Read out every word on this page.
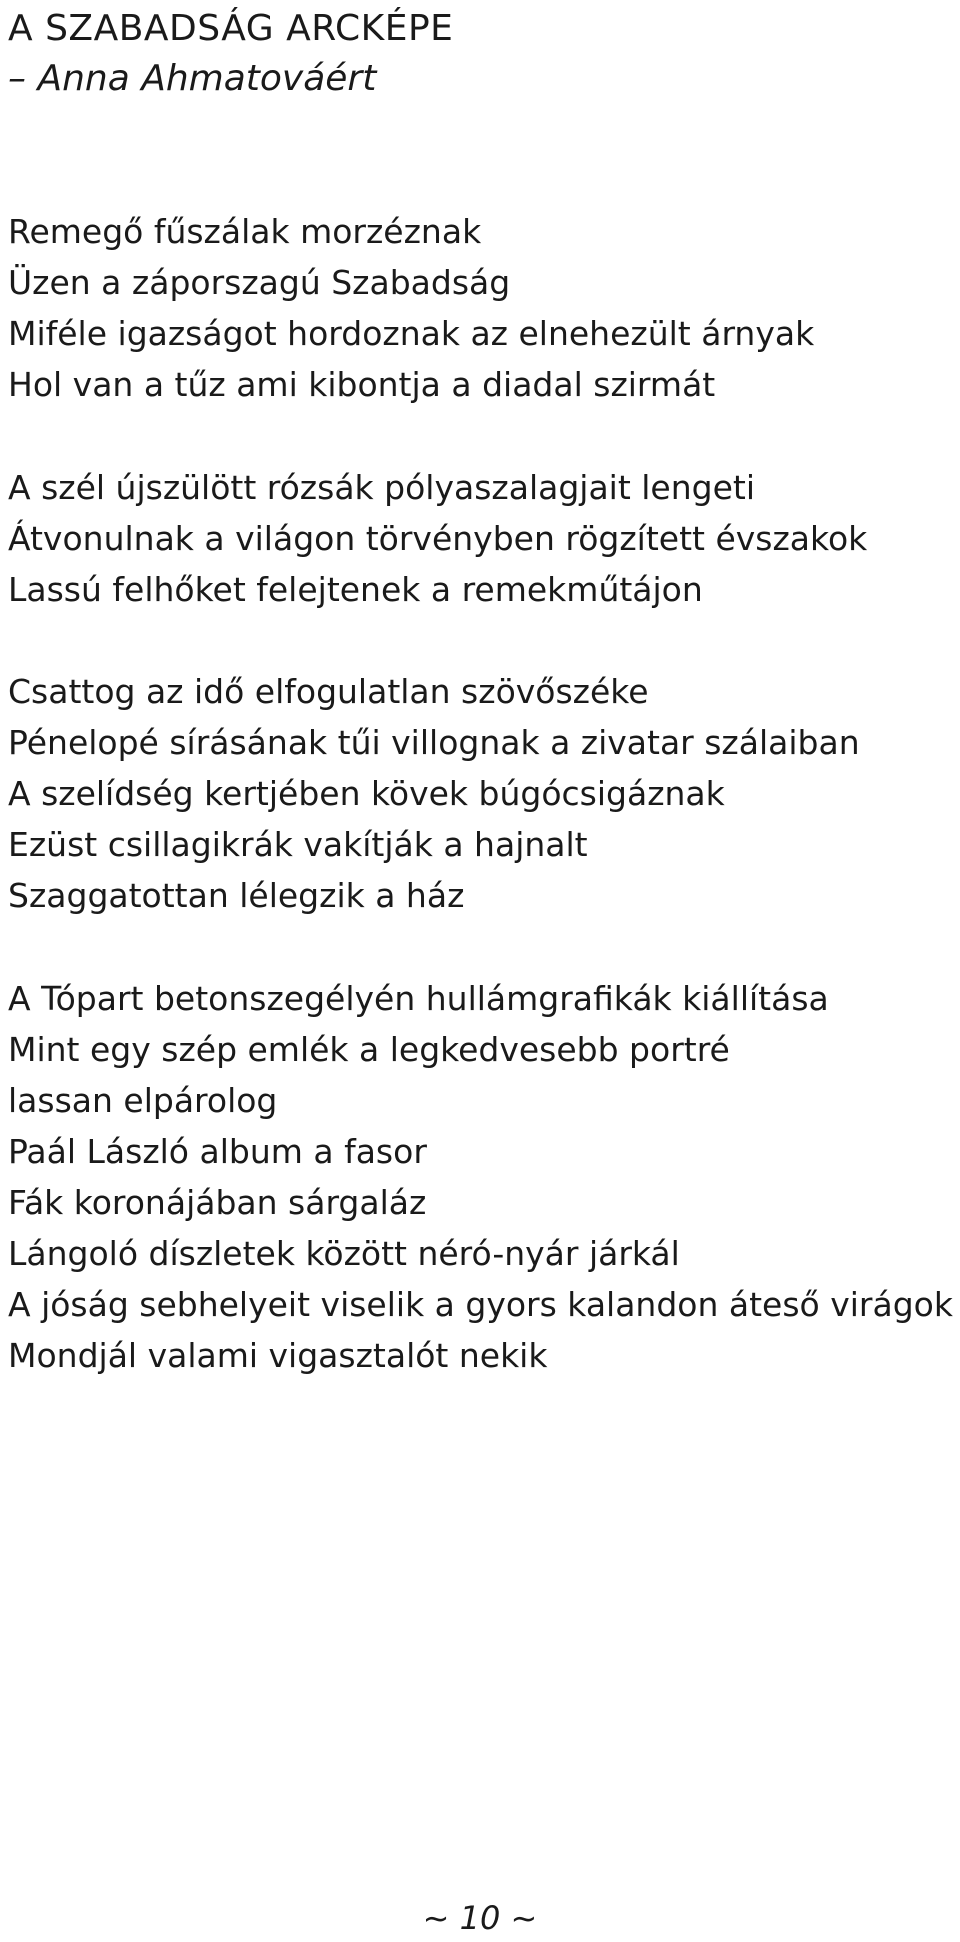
A SZABADSÁG ARCKÉPE

– Anna Ahmatováért

Remegő fűszálak morzéznak
Üzen a záporszagú Szabadság
Miféle igazságot hordoznak az elnehezült árnyak
Hol van a tűz ami kibontja a diadal szirmát
A szél újszülött rózsák pólyaszalagjait lengeti
Átvonulnak a világon törvényben rögzített évszakok
Lassú felhőket felejtenek a remekműtájon
Csattog az idő elfogulatlan szövőszéke
Pénelopé sírásának tűi villognak a zivatar szálaiban
A szelídség kertjében kövek búgócsigáznak
Ezüst csillagikrák vakítják a hajnalt
Szaggatottan lélegzik a ház
A Tópart betonszegélyén hullámgrafikák kiállítása
Mint egy szép emlék a legkedvesebb portré
lassan elpárolog
Paál László album a fasor
Fák koronájában sárgaláz
Lángoló díszletek között néró-nyár járkál
A jóság sebhelyeit viselik a gyors kalandon áteső virágok
Mondjál valami vigasztalót nekik
~ 10 ~
